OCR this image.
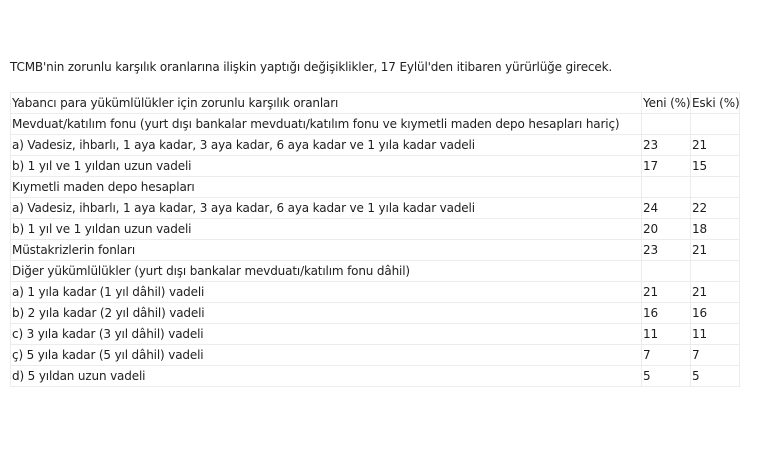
TCMB'nin zorunlu karşılık oranlarına ilişkin yaptığı değişiklikler, 17 Eylül'den itibaren yürürlüğe girecek.
Yabancı para yükümlülükler için zorunlu karşılık oranları	Yeni (%)	Eski (%)
Mevduat/katılım fonu (yurt dışı bankalar mevduatı/katılım fonu ve kıymetli maden depo hesapları hariç)		
a) Vadesiz, ihbarlı, 1 aya kadar, 3 aya kadar, 6 aya kadar ve 1 yıla kadar vadeli	23	21
b) 1 yıl ve 1 yıldan uzun vadeli	17	15
Kıymetli maden depo hesapları		
a) Vadesiz, ihbarlı, 1 aya kadar, 3 aya kadar, 6 aya kadar ve 1 yıla kadar vadeli	24	22
b) 1 yıl ve 1 yıldan uzun vadeli	20	18
Müstakrizlerin fonları	23	21
Diğer yükümlülükler (yurt dışı bankalar mevduatı/katılım fonu dâhil)		
a) 1 yıla kadar (1 yıl dâhil) vadeli	21	21
b) 2 yıla kadar (2 yıl dâhil) vadeli	16	16
c) 3 yıla kadar (3 yıl dâhil) vadeli	11	11
ç) 5 yıla kadar (5 yıl dâhil) vadeli	7	7
d) 5 yıldan uzun vadeli	5	5
